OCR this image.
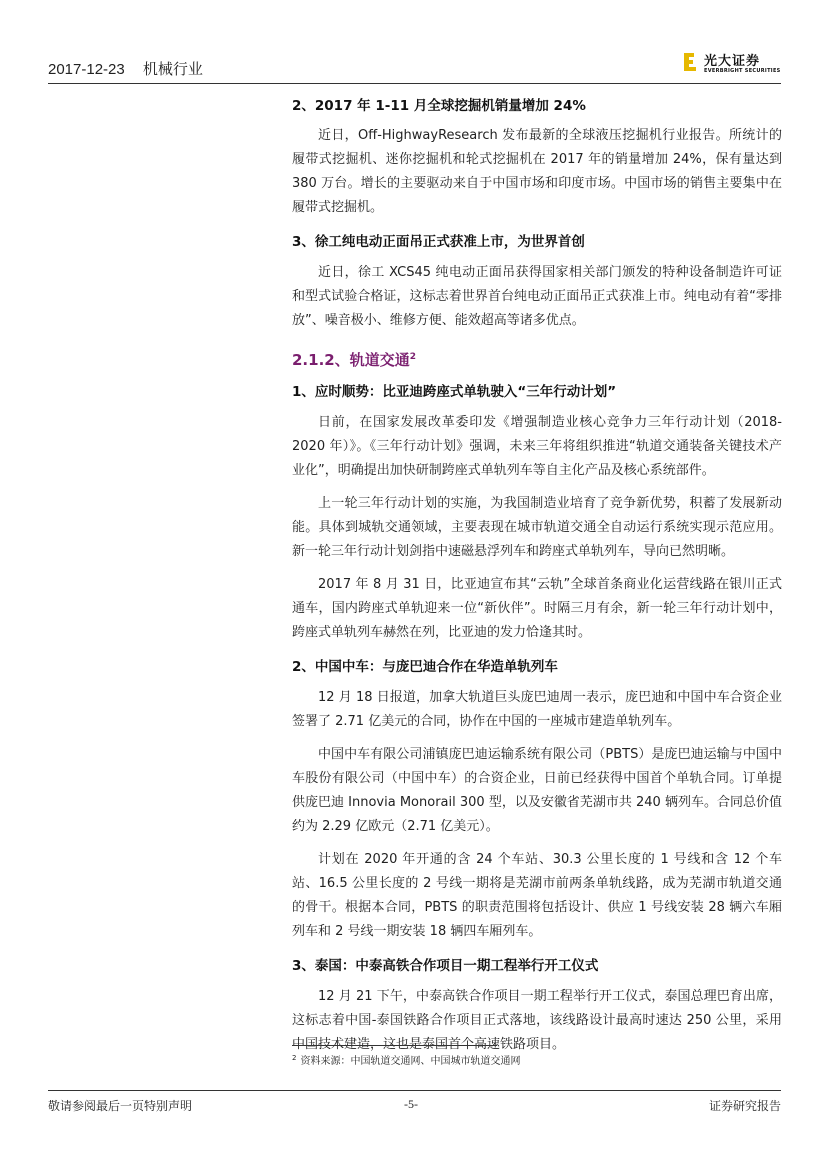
2017-12-23 机械行业	光大证券
EVERBRIGHT SECURITIES

2、2017 年 1-11 月全球挖掘机销量增加 24%

近日，Off-HighwayResearch 发布最新的全球液压挖掘机行业报告。所统计的履带式挖掘机、迷你挖掘机和轮式挖掘机在 2017 年的销量增加 24%，保有量达到 380 万台。增长的主要驱动来自于中国市场和印度市场。中国市场的销售主要集中在履带式挖掘机。

3、徐工纯电动正面吊正式获准上市，为世界首创

近日，徐工 XCS45 纯电动正面吊获得国家相关部门颁发的特种设备制造许可证和型式试验合格证，这标志着世界首台纯电动正面吊正式获准上市。纯电动有着“零排放”、噪音极小、维修方便、能效超高等诸多优点。

2.1.2、轨道交通$^2$

1、应时顺势：比亚迪跨座式单轨驶入“三年行动计划”

日前，在国家发展改革委印发《增强制造业核心竞争力三年行动计划（2018-2020 年）》。《三年行动计划》强调，未来三年将组织推进“轨道交通装备关键技术产业化”，明确提出加快研制跨座式单轨列车等自主化产品及核心系统部件。

上一轮三年行动计划的实施，为我国制造业培育了竞争新优势，积蓄了发展新动能。具体到城轨交通领域，主要表现在城市轨道交通全自动运行系统实现示范应用。新一轮三年行动计划剑指中速磁悬浮列车和跨座式单轨列车，导向已然明晰。

2017 年 8 月 31 日，比亚迪宣布其“云轨”全球首条商业化运营线路在银川正式通车，国内跨座式单轨迎来一位“新伙伴”。时隔三月有余，新一轮三年行动计划中，跨座式单轨列车赫然在列，比亚迪的发力恰逢其时。

2、中国中车：与庞巴迪合作在华造单轨列车

12 月 18 日报道，加拿大轨道巨头庞巴迪周一表示，庞巴迪和中国中车合资企业签署了 2.71 亿美元的合同，协作在中国的一座城市建造单轨列车。

中国中车有限公司浦镇庞巴迪运输系统有限公司（PBTS）是庞巴迪运输与中国中车股份有限公司（中国中车）的合资企业，日前已经获得中国首个单轨合同。订单提供庞巴迪 Innovia Monorail 300 型，以及安徽省芜湖市共 240 辆列车。合同总价值约为 2.29 亿欧元（2.71 亿美元）。

计划在 2020 年开通的含 24 个车站、30.3 公里长度的 1 号线和含 12 个车站、16.5 公里长度的 2 号线一期将是芜湖市前两条单轨线路，成为芜湖市轨道交通的骨干。根据本合同，PBTS 的职责范围将包括设计、供应 1 号线安装 28 辆六车厢列车和 2 号线一期安装 18 辆四车厢列车。

3、泰国：中泰高铁合作项目一期工程举行开工仪式

12 月 21 下午，中泰高铁合作项目一期工程举行开工仪式，泰国总理巴育出席，这标志着中国-泰国铁路合作项目正式落地，该线路设计最高时速达 250 公里，采用中国技术建造，这也是泰国首个高速铁路项目。

$^2$ 资料来源：中国轨道交通网、中国城市轨道交通网
敬请参阅最后一页特别声明	-5-	证券研究报告
